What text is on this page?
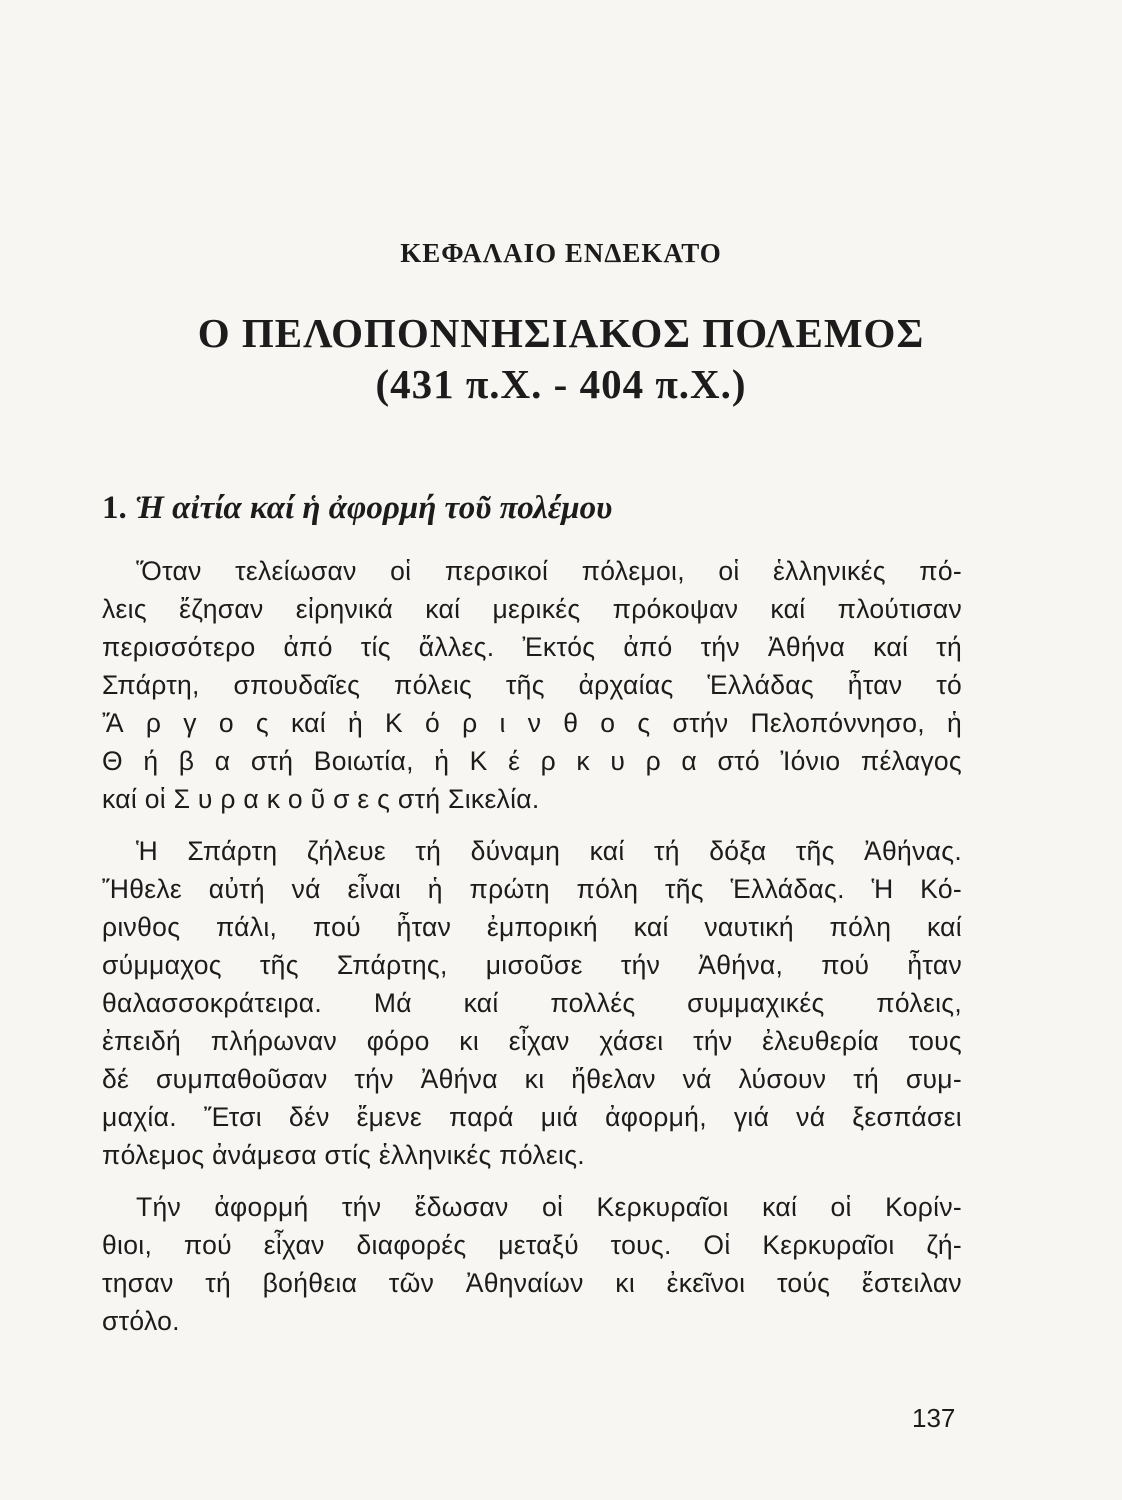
ΚΕΦΑΛΑΙΟ ΕΝΔΕΚΑΤΟ
Ο ΠΕΛΟΠΟΝΝΗΣΙΑΚΟΣ ΠΟΛΕΜΟΣ
(431 π.Χ. - 404 π.Χ.)
1. Ἡ αἰτία καί ἡ ἀφορμή τοῦ πολέμου
Ὅταν τελείωσαν οἱ περσικοί πόλεμοι, οἱ ἑλληνικές πό-
λεις ἔζησαν εἰρηνικά καί μερικές πρόκοψαν καί πλούτισαν
περισσότερο ἀπό τίς ἄλλες. Ἐκτός ἀπό τήν Ἀθήνα καί τή
Σπάρτη, σπουδαῖες πόλεις τῆς ἀρχαίας Ἑλλάδας ἦταν τό
Ἄ ρ γ ο ς καί ἡ Κ ό ρ ι ν θ ο ς στήν Πελοπόννησο, ἡ
Θ ή β α στή Βοιωτία, ἡ Κ έ ρ κ υ ρ α στό Ἰόνιο πέλαγος
καί οἱ Σ υ ρ α κ ο ῦ σ ε ς στή Σικελία.
Ἡ Σπάρτη ζήλευε τή δύναμη καί τή δόξα τῆς Ἀθήνας.
Ἤθελε αὐτή νά εἶναι ἡ πρώτη πόλη τῆς Ἑλλάδας. Ἡ Κό-
ρινθος πάλι, πού ἦταν ἐμπορική καί ναυτική πόλη καί
σύμμαχος τῆς Σπάρτης, μισοῦσε τήν Ἀθήνα, πού ἦταν
θαλασσοκράτειρα. Μά καί πολλές συμμαχικές πόλεις,
ἐπειδή πλήρωναν φόρο κι εἶχαν χάσει τήν ἐλευθερία τους
δέ συμπαθοῦσαν τήν Ἀθήνα κι ἤθελαν νά λύσουν τή συμ-
μαχία. Ἔτσι δέν ἔμενε παρά μιά ἀφορμή, γιά νά ξεσπάσει
πόλεμος ἀνάμεσα στίς ἑλληνικές πόλεις.
Τήν ἀφορμή τήν ἔδωσαν οἱ Κερκυραῖοι καί οἱ Κορίν-
θιοι, πού εἶχαν διαφορές μεταξύ τους. Οἱ Κερκυραῖοι ζή-
τησαν τή βοήθεια τῶν Ἀθηναίων κι ἐκεῖνοι τούς ἔστειλαν
στόλο.
137
